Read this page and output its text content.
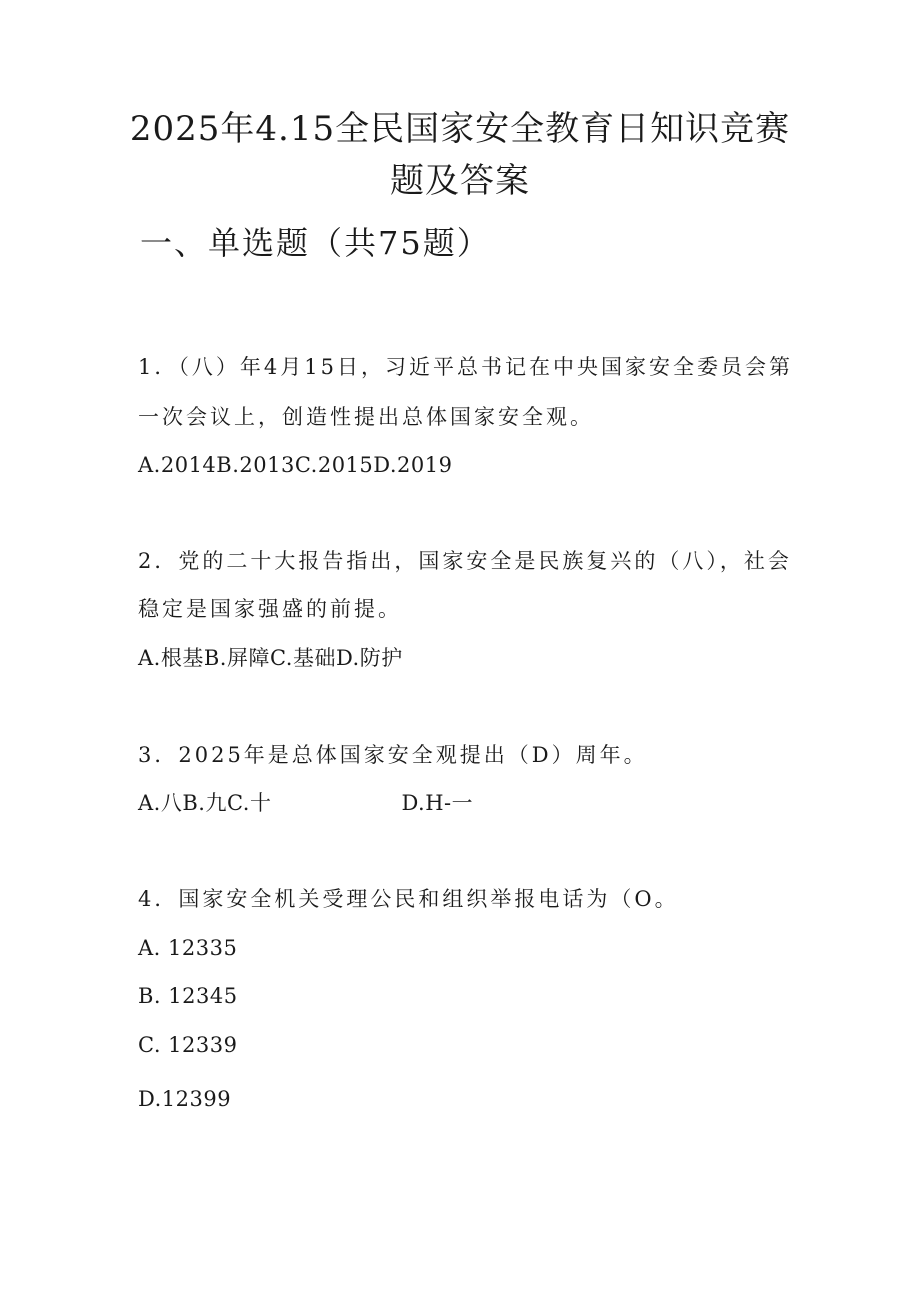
2025年4.15全民国家安全教育日知识竞赛
题及答案
一、单选题（共75题）

1．（八）年4月15日，习近平总书记在中央国家安全委员会第

一次会议上，创造性提出总体国家安全观。

A.2014B.2013C.2015D.2019

2．党的二十大报告指出，国家安全是民族复兴的（八），社会

稳定是国家强盛的前提。

A.根基B.屏障C.基础D.防护

3．2025年是总体国家安全观提出（D）周年。

A.八B.九C.十	D.H-一

4．国家安全机关受理公民和组织举报电话为（O。

A. 12335

B. 12345

C. 12339

D.12399
